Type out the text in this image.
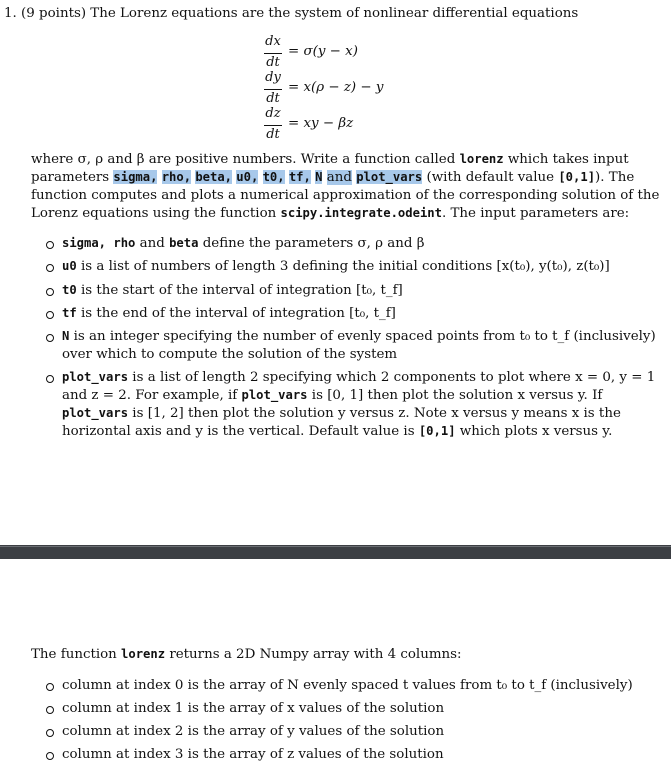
1. (9 points) The Lorenz equations are the system of nonlinear differential equations
dx
dt
= σ(y − x)
dy
dt
= x(ρ − z) − y
dz
dt
= xy − βz
where σ, ρ and β are positive numbers. Write a function called lorenz which takes input
parameters sigma, rho, beta, u0, t0, tf, N and plot_vars (with default value [0,1]). The
function computes and plots a numerical approximation of the corresponding solution of the
Lorenz equations using the function scipy.integrate.odeint. The input parameters are:
sigma, rho and beta define the parameters σ, ρ and β
u0 is a list of numbers of length 3 defining the initial conditions [x(t₀), y(t₀), z(t₀)]
t0 is the start of the interval of integration [t₀, t_f]
tf is the end of the interval of integration [t₀, t_f]
N is an integer specifying the number of evenly spaced points from t₀ to t_f (inclusively)
over which to compute the solution of the system
plot_vars is a list of length 2 specifying which 2 components to plot where x = 0, y = 1
and z = 2. For example, if plot_vars is [0, 1] then plot the solution x versus y. If
plot_vars is [1, 2] then plot the solution y versus z. Note x versus y means x is the
horizontal axis and y is the vertical. Default value is [0,1] which plots x versus y.
The function lorenz returns a 2D Numpy array with 4 columns:
column at index 0 is the array of N evenly spaced t values from t₀ to t_f (inclusively)
column at index 1 is the array of x values of the solution
column at index 2 is the array of y values of the solution
column at index 3 is the array of z values of the solution
